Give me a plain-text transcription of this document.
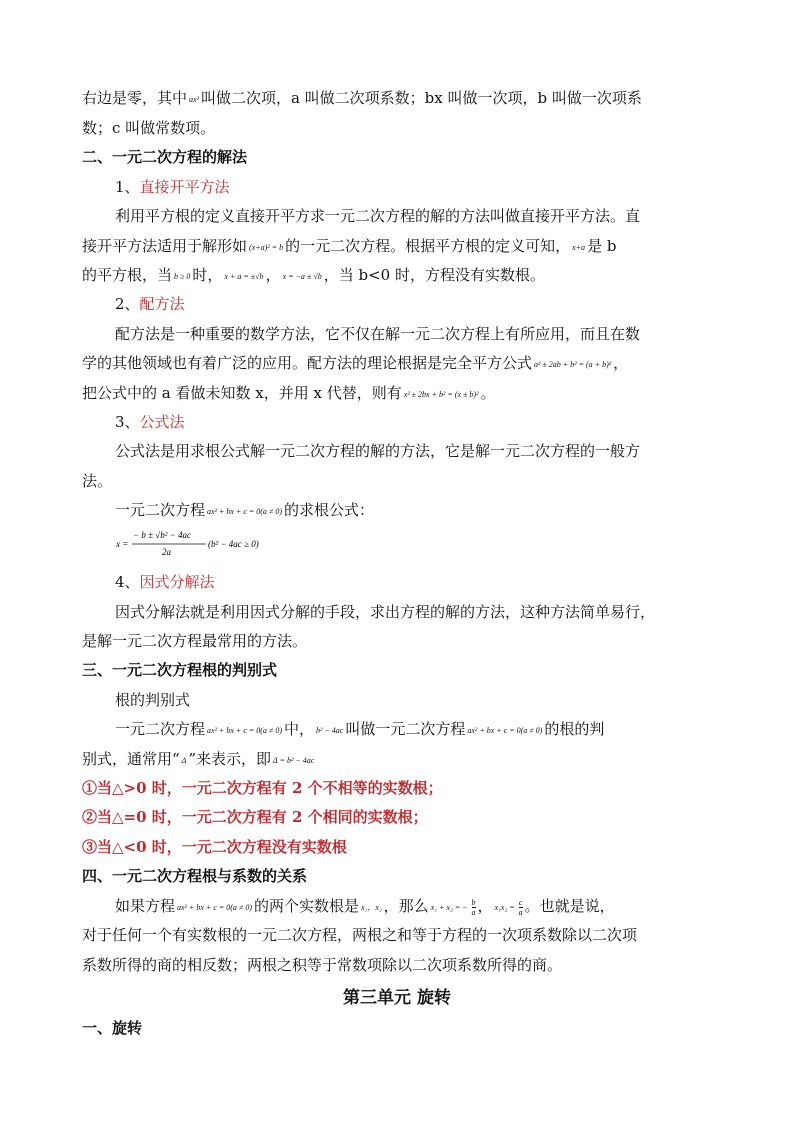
右边是零，其中 ax² 叫做二次项，a 叫做二次项系数；bx 叫做一次项，b 叫做一次项系
数；c 叫做常数项。
二、一元二次方程的解法
1、直接开平方法
利用平方根的定义直接开平方求一元二次方程的解的方法叫做直接开平方法。直
接开平方法适用于解形如 (x+a)² = b 的一元二次方程。根据平方根的定义可知， x+a 是 b
的平方根，当 b ≥ 0 时， x + a = ±√b ， x = −a ± √b ，当 b<0 时，方程没有实数根。
2、配方法
配方法是一种重要的数学方法，它不仅在解一元二次方程上有所应用，而且在数
学的其他领域也有着广泛的应用。配方法的理论根据是完全平方公式 a² ± 2ab + b² = (a + b)² ，
把公式中的 a 看做未知数 x，并用 x 代替，则有 x² ± 2bx + b² = (x ± b)² 。
3、公式法
公式法是用求根公式解一元二次方程的解的方法，它是解一元二次方程的一般方
法。
一元二次方程 ax² + bx + c = 0(a ≠ 0) 的求根公式：
x =
− b ± √b² − 4ac
2a
(b² − 4ac ≥ 0)
4、因式分解法
因式分解法就是利用因式分解的手段，求出方程的解的方法，这种方法简单易行，
是解一元二次方程最常用的方法。
三、一元二次方程根的判别式
根的判别式
一元二次方程 ax² + bx + c = 0(a ≠ 0) 中， b² − 4ac 叫做一元二次方程 ax² + bx + c = 0(a ≠ 0) 的根的判
别式，通常用“ Δ ”来表示，即 Δ = b² − 4ac
①当△>0 时，一元二次方程有 2 个不相等的实数根；
②当△=0 时，一元二次方程有 2 个相同的实数根；
③当△<0 时，一元二次方程没有实数根
四、一元二次方程根与系数的关系
如果方程 ax² + bx + c = 0(a ≠ 0) 的两个实数根是 x₁，x₂ ，那么 x₁ + x₂ = − $\frac{b}{a}$ ， $x_1x_2 = \frac{c}{a}$ 。也就是说，
对于任何一个有实数根的一元二次方程，两根之和等于方程的一次项系数除以二次项
系数所得的商的相反数；两根之积等于常数项除以二次项系数所得的商。
第三单元 旋转
一、旋转
